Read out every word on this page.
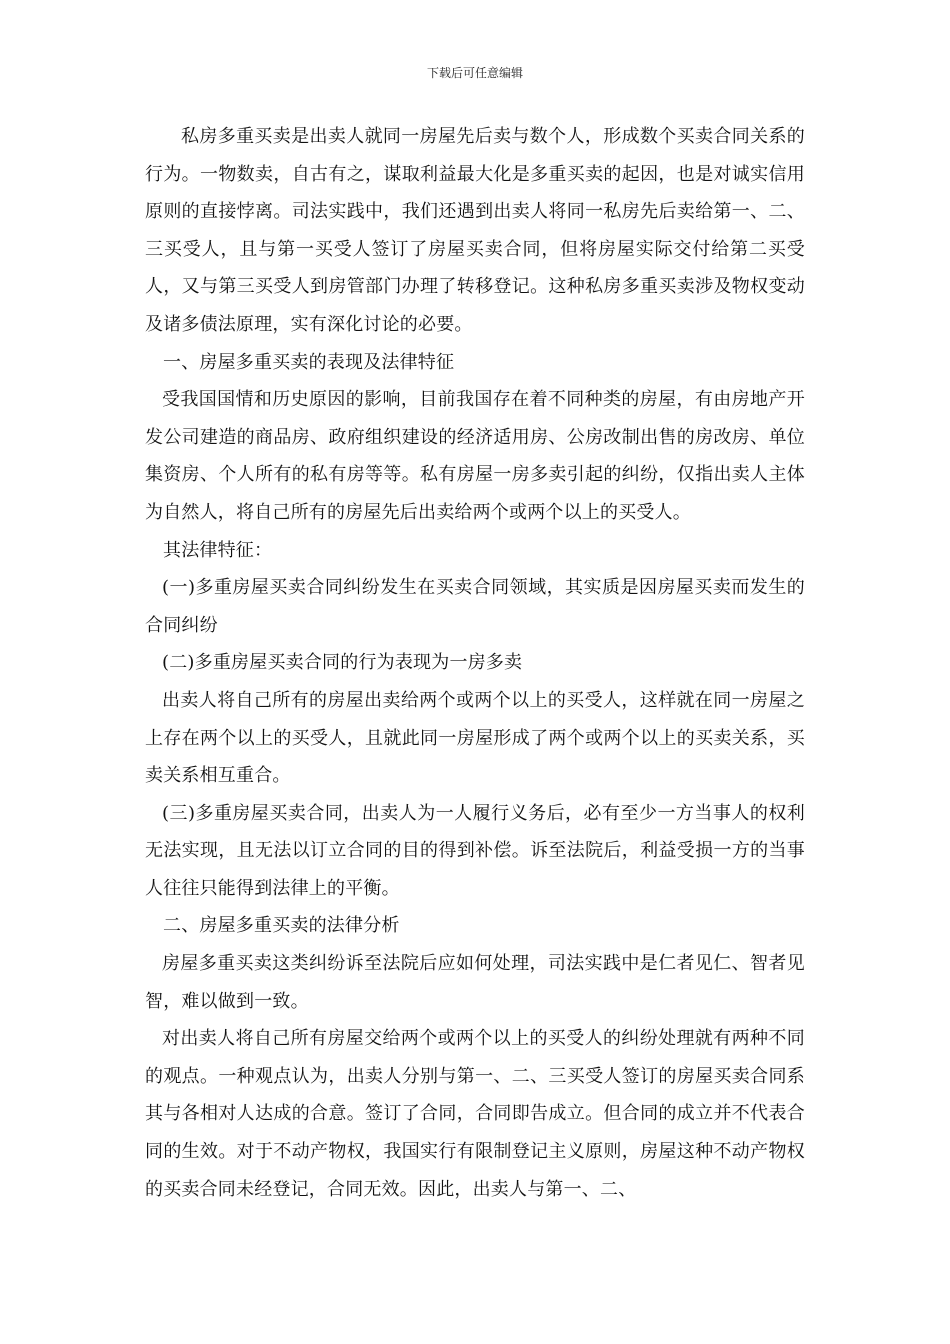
下载后可任意编辑

私房多重买卖是出卖人就同一房屋先后卖与数个人，形成数个买卖合同关系的行为。一物数卖，自古有之，谋取利益最大化是多重买卖的起因，也是对诚实信用原则的直接悖离。司法实践中，我们还遇到出卖人将同一私房先后卖给第一、二、三买受人，且与第一买受人签订了房屋买卖合同，但将房屋实际交付给第二买受人，又与第三买受人到房管部门办理了转移登记。这种私房多重买卖涉及物权变动及诸多债法原理，实有深化讨论的必要。

一、房屋多重买卖的表现及法律特征

受我国国情和历史原因的影响，目前我国存在着不同种类的房屋，有由房地产开发公司建造的商品房、政府组织建设的经济适用房、公房改制出售的房改房、单位集资房、个人所有的私有房等等。私有房屋一房多卖引起的纠纷，仅指出卖人主体为自然人，将自己所有的房屋先后出卖给两个或两个以上的买受人。

其法律特征：

(一)多重房屋买卖合同纠纷发生在买卖合同领域，其实质是因房屋买卖而发生的合同纠纷

(二)多重房屋买卖合同的行为表现为一房多卖

出卖人将自己所有的房屋出卖给两个或两个以上的买受人，这样就在同一房屋之上存在两个以上的买受人，且就此同一房屋形成了两个或两个以上的买卖关系，买卖关系相互重合。

(三)多重房屋买卖合同，出卖人为一人履行义务后，必有至少一方当事人的权利无法实现，且无法以订立合同的目的得到补偿。诉至法院后，利益受损一方的当事人往往只能得到法律上的平衡。

二、房屋多重买卖的法律分析

房屋多重买卖这类纠纷诉至法院后应如何处理，司法实践中是仁者见仁、智者见智，难以做到一致。

对出卖人将自己所有房屋交给两个或两个以上的买受人的纠纷处理就有两种不同的观点。一种观点认为，出卖人分别与第一、二、三买受人签订的房屋买卖合同系其与各相对人达成的合意。签订了合同，合同即告成立。但合同的成立并不代表合同的生效。对于不动产物权，我国实行有限制登记主义原则，房屋这种不动产物权的买卖合同未经登记，合同无效。因此，出卖人与第一、二、
